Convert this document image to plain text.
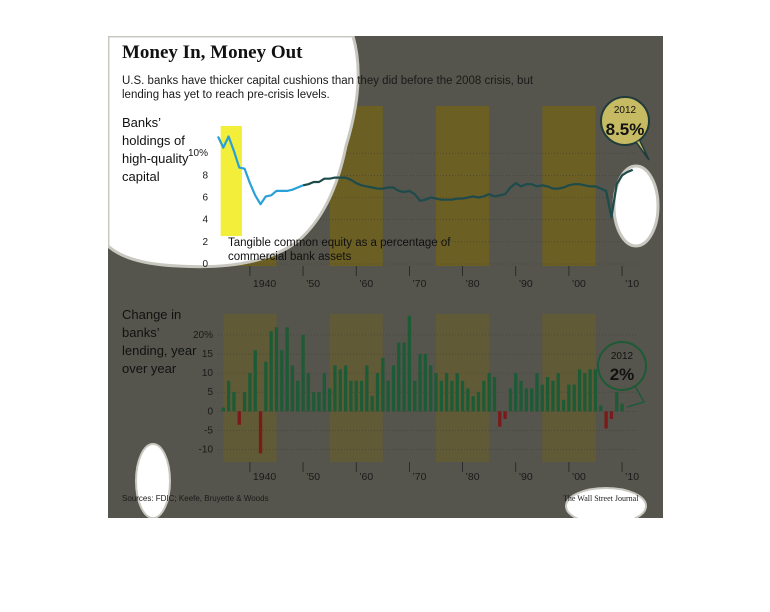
0
2
4
6
8
10%
-10
-5
0
5
10
15
20%
1940	’50	’60	’70	’80	’90	’00	’10
1940	’50	’60	’70	’80	’90	’00	’10
Money In, Money Out
U.S. banks have thicker capital cushions than they did before the 2008 crisis, but lending has yet to reach pre-crisis levels.
Banks’ holdings of high-quality capital
Tangible common equity as a percentage of commercial bank assets
Change in banks’ lending, year over year
2012
8.5%
2012
2%
Sources: FDIC; Keefe, Bruyette & Woods	The Wall Street Journal
